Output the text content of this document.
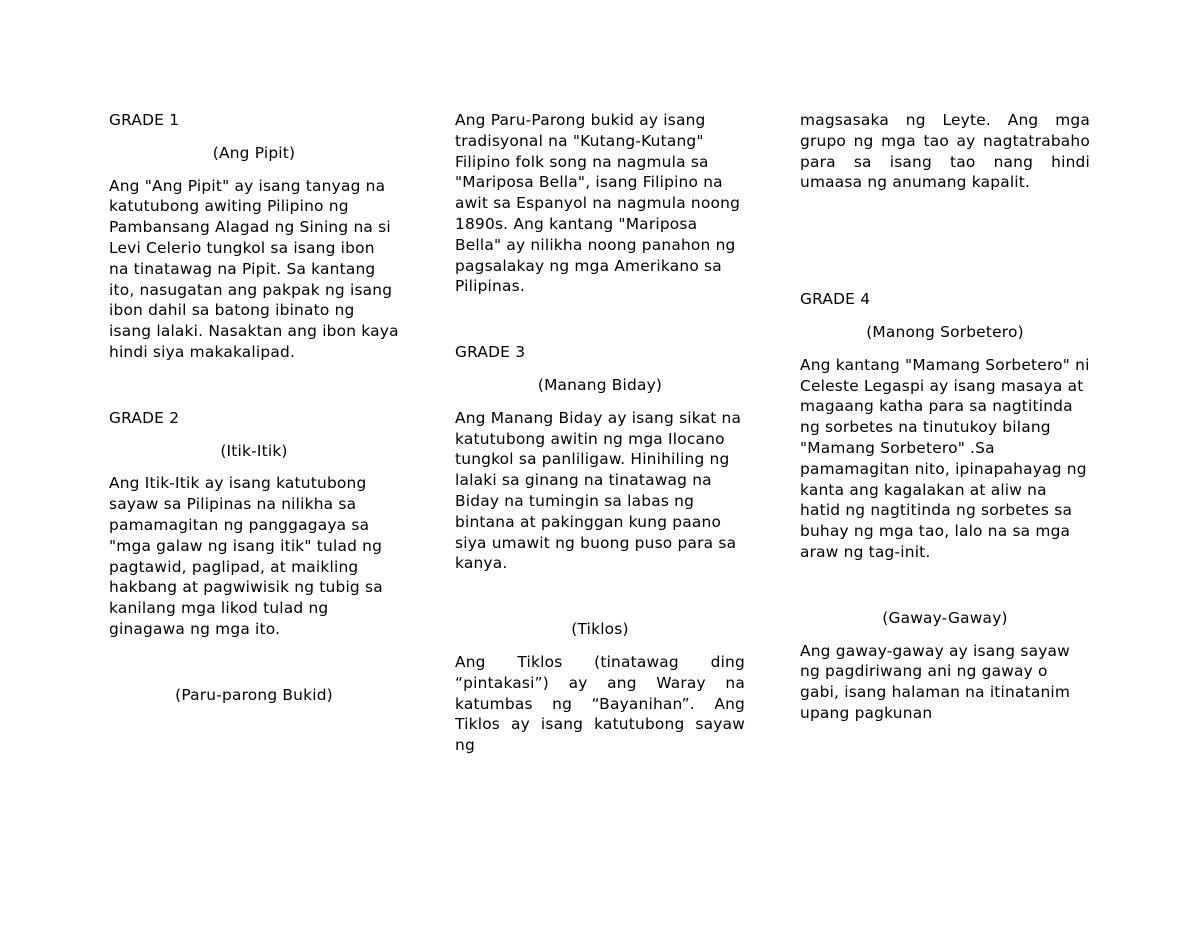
GRADE 1

(Ang Pipit)

Ang "Ang Pipit" ay isang tanyag na katutubong awiting Pilipino ng Pambansang Alagad ng Sining na si Levi Celerio tungkol sa isang ibon na tinatawag na Pipit. Sa kantang ito, nasugatan ang pakpak ng isang ibon dahil sa batong ibinato ng isang lalaki. Nasaktan ang ibon kaya hindi siya makakalipad.

GRADE 2

(Itik-Itik)

Ang Itik-Itik ay isang katutubong sayaw sa Pilipinas na nilikha sa pamamagitan ng panggagaya sa "mga galaw ng isang itik" tulad ng pagtawid, paglipad, at maikling hakbang at pagwiwisik ng tubig sa kanilang mga likod tulad ng ginagawa ng mga ito.

(Paru-parong Bukid)

Ang Paru-Parong bukid ay isang tradisyonal na "Kutang-Kutang" Filipino folk song na nagmula sa "Mariposa Bella", isang Filipino na awit sa Espanyol na nagmula noong 1890s. Ang kantang "Mariposa Bella" ay nilikha noong panahon ng pagsalakay ng mga Amerikano sa Pilipinas.

GRADE 3

(Manang Biday)

Ang Manang Biday ay isang sikat na katutubong awitin ng mga Ilocano tungkol sa panliligaw. Hinihiling ng lalaki sa ginang na tinatawag na Biday na tumingin sa labas ng bintana at pakinggan kung paano siya umawit ng buong puso para sa kanya.

(Tiklos)

Ang Tiklos (tinatawag ding “pintakasi”) ay ang Waray na katumbas ng “Bayanihan”. Ang Tiklos ay isang katutubong sayaw ng

magsasaka ng Leyte. Ang mga grupo ng mga tao ay nagtatrabaho para sa isang tao nang hindi umaasa ng anumang kapalit.

GRADE 4

(Manong Sorbetero)

Ang kantang "Mamang Sorbetero" ni Celeste Legaspi ay isang masaya at magaang katha para sa nagtitinda ng sorbetes na tinutukoy bilang "Mamang Sorbetero" .Sa pamamagitan nito, ipinapahayag ng kanta ang kagalakan at aliw na hatid ng nagtitinda ng sorbetes sa buhay ng mga tao, lalo na sa mga araw ng tag-init.

(Gaway-Gaway)

Ang gaway-gaway ay isang sayaw ng pagdiriwang ani ng gaway o gabi, isang halaman na itinatanim upang pagkunan
